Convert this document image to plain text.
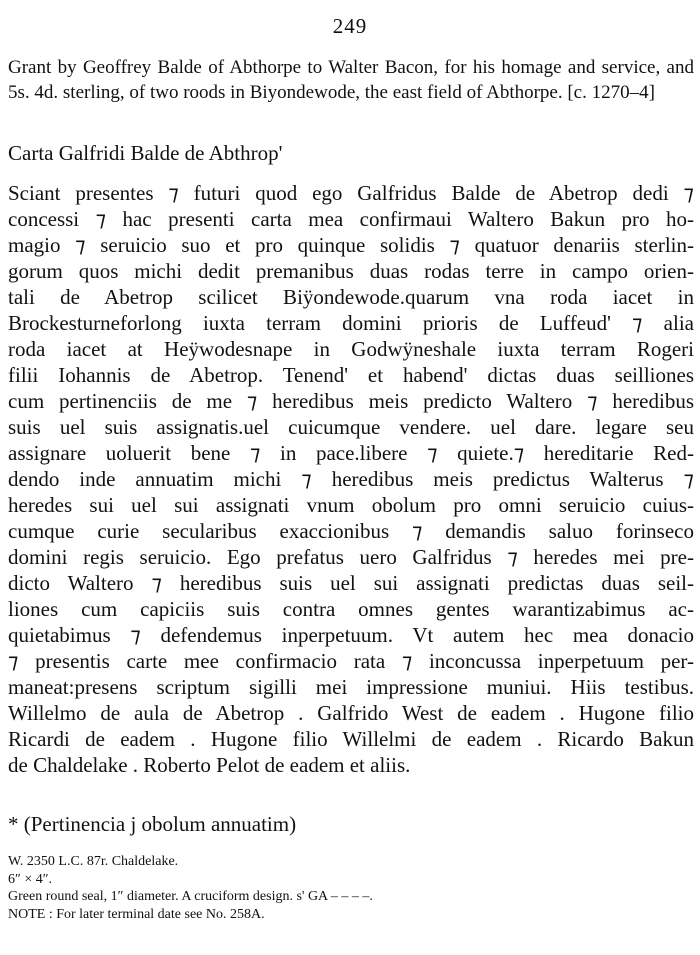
249
Grant by Geoffrey Balde of Abthorpe to Walter Bacon, for his homage and service, and 5s. 4d. sterling, of two roods in Biyondewode, the east field of Abthorpe. [c. 1270–4]
Carta Galfridi Balde de Abthrop'
Sciant presentes ⁊ futuri quod ego Galfridus Balde de Abetrop dedi ⁊
concessi ⁊ hac presenti carta mea confirmaui Waltero Bakun pro ho-
magio ⁊ seruicio suo et pro quinque solidis ⁊ quatuor denariis sterlin-
gorum quos michi dedit premanibus duas rodas terre in campo orien-
tali de Abetrop scilicet Biÿondewode.quarum vna roda iacet in
Brockesturneforlong iuxta terram domini prioris de Luffeud' ⁊ alia
roda iacet at Heÿwodesnape in Godwÿneshale iuxta terram Rogeri
filii Iohannis de Abetrop. Tenend' et habend' dictas duas seilliones
cum pertinenciis de me ⁊ heredibus meis predicto Waltero ⁊ heredibus
suis uel suis assignatis.uel cuicumque vendere. uel dare. legare seu
assignare uoluerit bene ⁊ in pace.libere ⁊ quiete.⁊ hereditarie Red-
dendo inde annuatim michi ⁊ heredibus meis predictus Walterus ⁊
heredes sui uel sui assignati vnum obolum pro omni seruicio cuius-
cumque curie secularibus exaccionibus ⁊ demandis saluo forinseco
domini regis seruicio. Ego prefatus uero Galfridus ⁊ heredes mei pre-
dicto Waltero ⁊ heredibus suis uel sui assignati predictas duas seil-
liones cum capiciis suis contra omnes gentes warantizabimus ac-
quietabimus ⁊ defendemus inperpetuum. Vt autem hec mea donacio
⁊ presentis carte mee confirmacio rata ⁊ inconcussa inperpetuum per-
maneat:presens scriptum sigilli mei impressione muniui. Hiis testibus.
Willelmo de aula de Abetrop . Galfrido West de eadem . Hugone filio
Ricardi de eadem . Hugone filio Willelmi de eadem . Ricardo Bakun
de Chaldelake . Roberto Pelot de eadem et aliis.
* (Pertinencia j obolum annuatim)
W. 2350 L.C. 87r. Chaldelake.
6″ × 4″.
Green round seal, 1″ diameter. A cruciform design. s' GA – – – –.
NOTE : For later terminal date see No. 258A.
